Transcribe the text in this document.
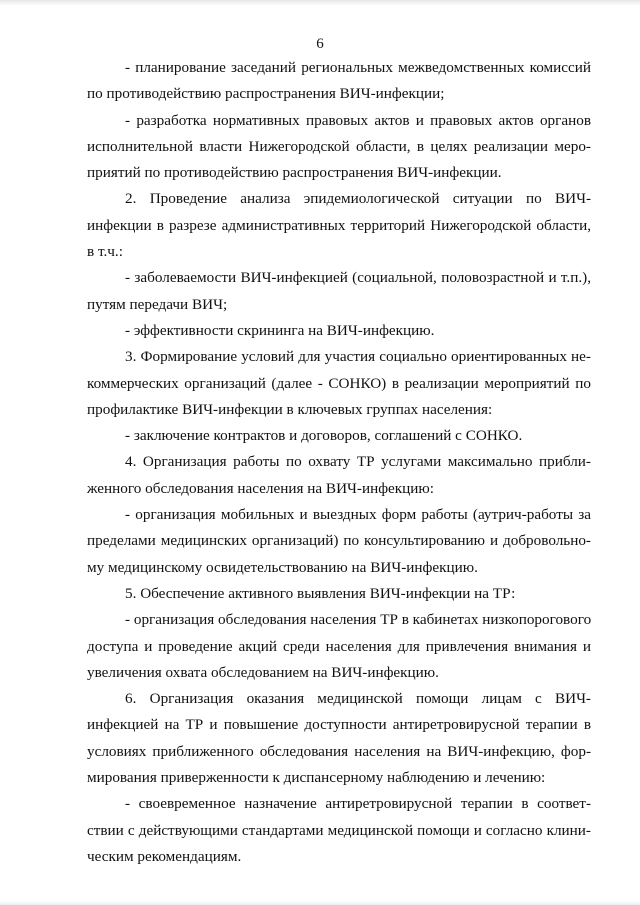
6
- планирование заседаний региональных межведомственных комиссий
по противодействию распространения ВИЧ-инфекции;
- разработка нормативных правовых актов и правовых актов органов
исполнительной власти Нижегородской области, в целях реализации меро-
приятий по противодействию распространения ВИЧ-инфекции.
2. Проведение анализа эпидемиологической ситуации по ВИЧ-
инфекции в разрезе административных территорий Нижегородской области,
в т.ч.:
- заболеваемости ВИЧ-инфекцией (социальной, половозрастной и т.п.),
путям передачи ВИЧ;
- эффективности скрининга на ВИЧ-инфекцию.
3. Формирование условий для участия социально ориентированных не-
коммерческих организаций (далее - СОНКО) в реализации мероприятий по
профилактике ВИЧ-инфекции в ключевых группах населения:
- заключение контрактов и договоров, соглашений с СОНКО.
4. Организация работы по охвату ТР услугами максимально прибли-
женного обследования населения на ВИЧ-инфекцию:
- организация мобильных и выездных форм работы (аутрич-работы за
пределами медицинских организаций) по консультированию и добровольно-
му медицинскому освидетельствованию на ВИЧ-инфекцию.
5. Обеспечение активного выявления ВИЧ-инфекции на ТР:
- организация обследования населения ТР в кабинетах низкопорогового
доступа и проведение акций среди населения для привлечения внимания и
увеличения охвата обследованием на ВИЧ-инфекцию.
6. Организация оказания медицинской помощи лицам с ВИЧ-
инфекцией на ТР и повышение доступности антиретровирусной терапии в
условиях приближенного обследования населения на ВИЧ-инфекцию, фор-
мирования приверженности к диспансерному наблюдению и лечению:
- своевременное назначение антиретровирусной терапии в соответ-
ствии с действующими стандартами медицинской помощи и согласно клини-
ческим рекомендациям.
